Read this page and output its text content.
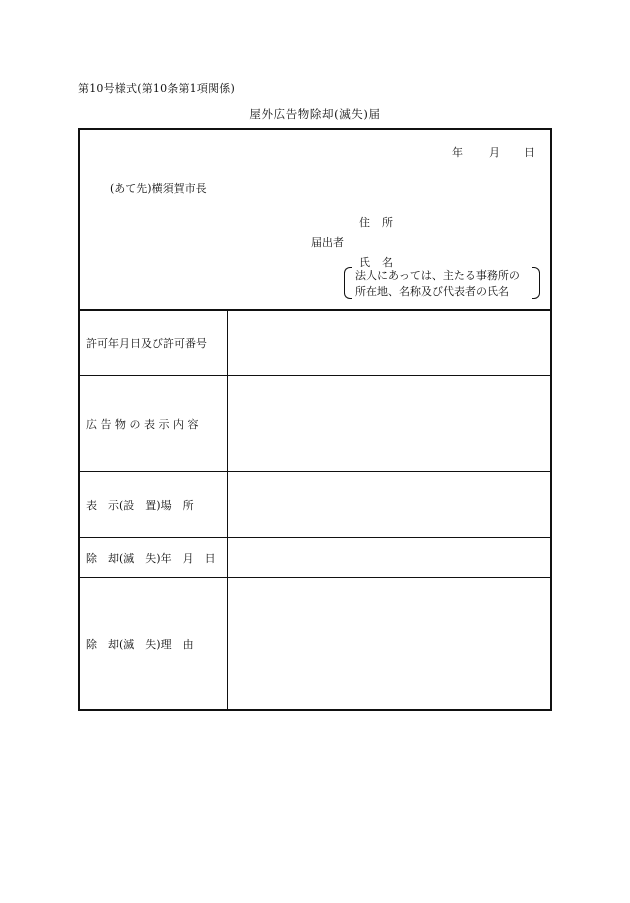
第10号様式(第10条第1項関係)
屋外広告物除却(滅失)届
年 月 日
(あて先)横須賀市長
住所
届出者
氏名
法人にあっては、主たる事務所の
所在地、名称及び代表者の氏名
許可年月日及び許可番号
広 告 物 の 表 示 内 容
表　示(設　置)場　所
除　却(滅　失)年　月　日
除　却(滅　失)理　由
